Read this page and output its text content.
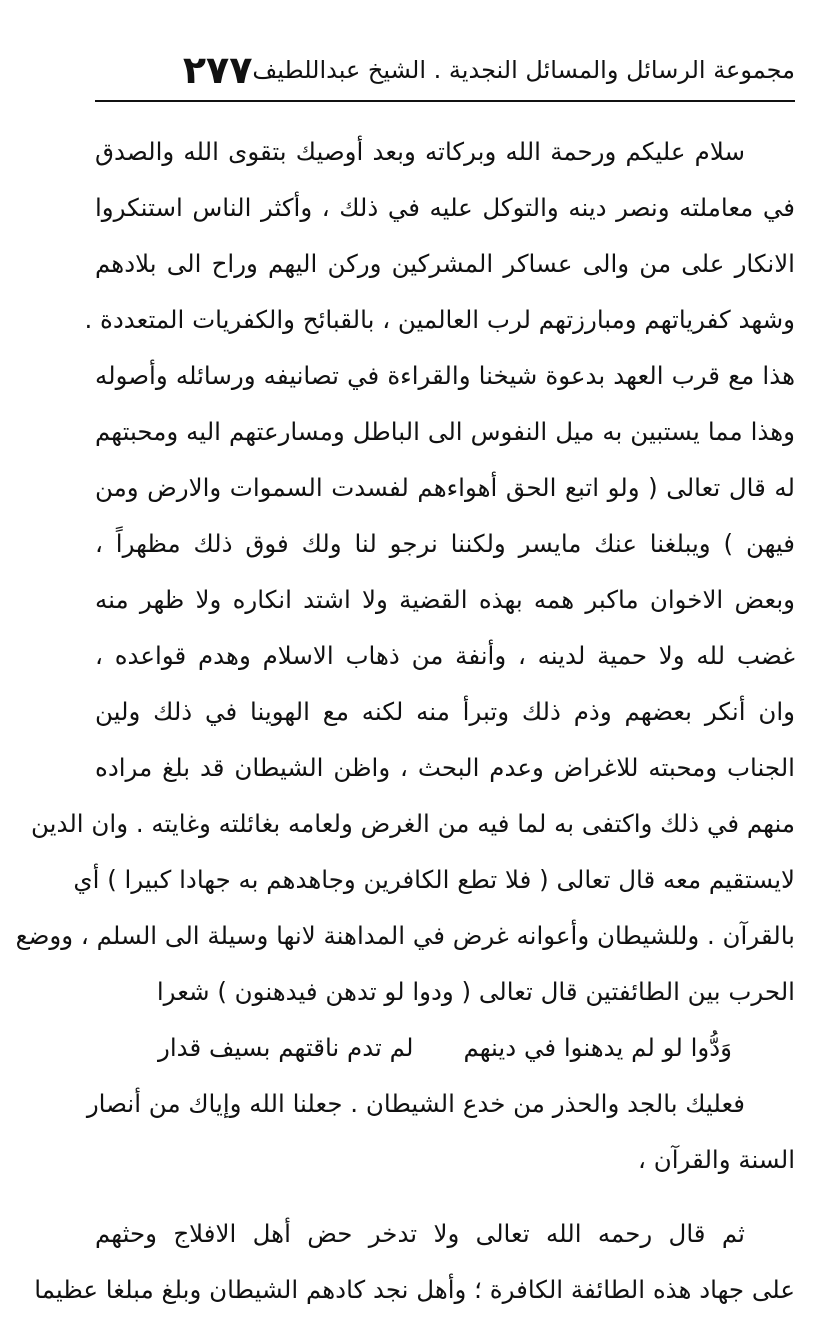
مجموعة الرسائل والمسائل النجدية . الشيخ عبداللطيف
٢٧٧
سلام عليكم ورحمة الله وبركاته وبعد أوصيك بتقوى الله والصدق
في معاملته ونصر دينه والتوكل عليه في ذلك ، وأكثر الناس استنكروا
الانكار على من والى عساكر المشركين وركن اليهم وراح الى بلادهم
وشهد كفرياتهم ومبارزتهم لرب العالمين ، بالقبائح والكفريات المتعددة .
هذا مع قرب العهد بدعوة شيخنا والقراءة في تصانيفه ورسائله وأصوله
وهذا مما يستبين به ميل النفوس الى الباطل ومسارعتهم اليه ومحبتهم
له قال تعالى ( ولو اتبع الحق أهواءهم لفسدت السموات والارض ومن
فيهن ) ويبلغنا عنك مايسر ولكننا نرجو لنا ولك فوق ذلك مظهراً ،
وبعض الاخوان ماكبر همه بهذه القضية ولا اشتد انكاره ولا ظهر منه
غضب لله ولا حمية لدينه ، وأنفة من ذهاب الاسلام وهدم قواعده ،
وان أنكر بعضهم وذم ذلك وتبرأ منه لكنه مع الهوينا في ذلك ولين
الجناب ومحبته للاغراض وعدم البحث ، واظن الشيطان قد بلغ مراده
منهم في ذلك واكتفى به لما فيه من الغرض ولعامه بغائلته وغايته . وان الدين
لايستقيم معه قال تعالى ( فلا تطع الكافرين وجاهدهم به جهادا كبيرا ) أي
بالقرآن . وللشيطان وأعوانه غرض في المداهنة لانها وسيلة الى السلم ، ووضع
الحرب بين الطائفتين قال تعالى ( ودوا لو تدهن فيدهنون ) شعرا
وَدُّوا لو لم يدهنوا في دينهم
لم تدم ناقتهم بسيف قدار
فعليك بالجد والحذر من خدع الشيطان . جعلنا الله وإياك من أنصار
السنة والقرآن ،
ثم قال رحمه الله تعالى ولا تدخر حض أهل الافلاج وحثهم
على جهاد هذه الطائفة الكافرة ؛ وأهل نجد كادهم الشيطان وبلغ مبلغا عظيما
